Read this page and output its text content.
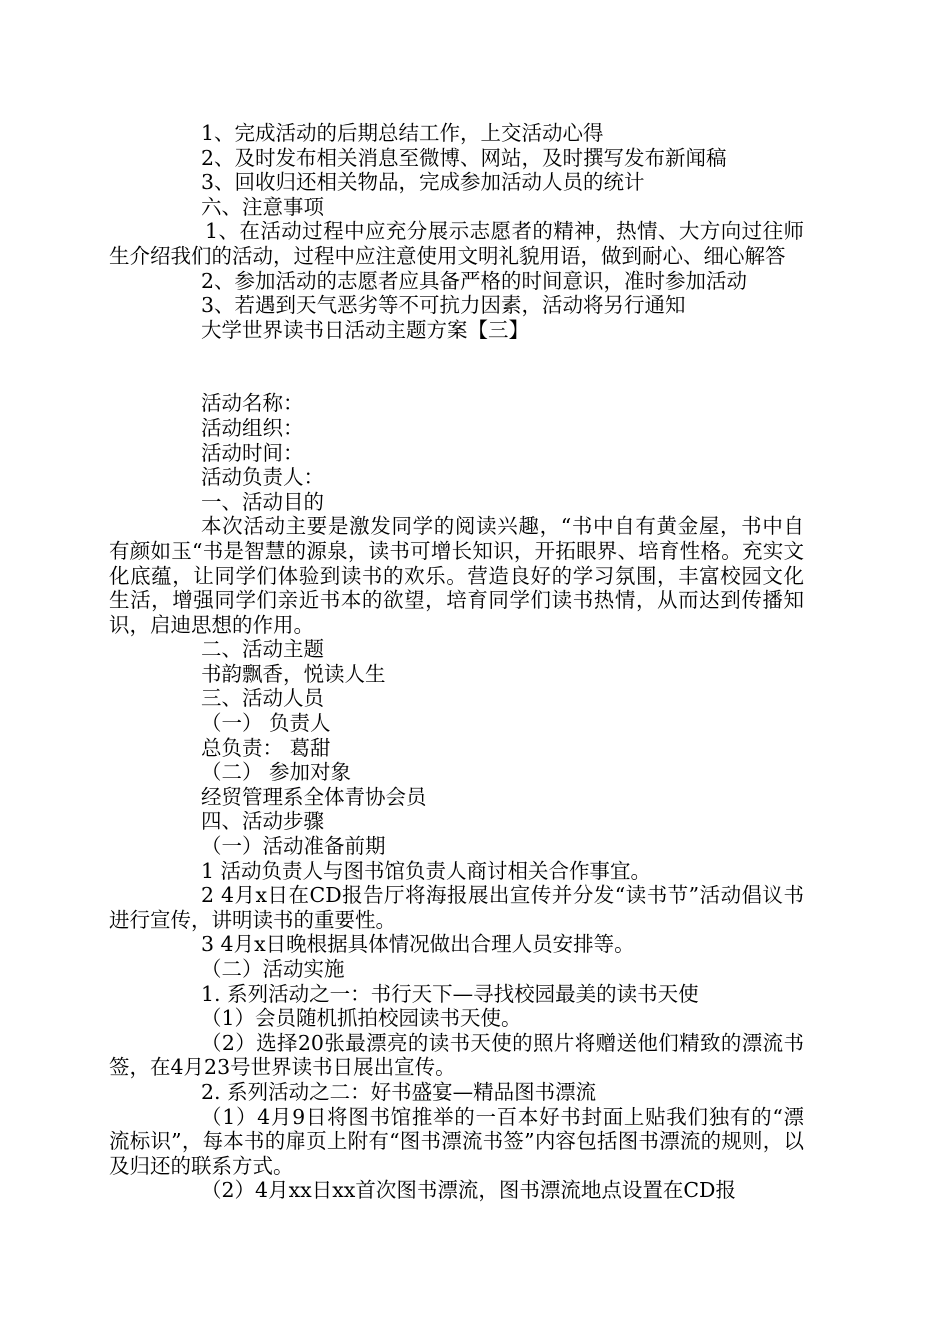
1、完成活动的后期总结工作，上交活动心得

2、及时发布相关消息至微博、网站，及时撰写发布新闻稿

3、回收归还相关物品，完成参加活动人员的统计

六、注意事项

1、在活动过程中应充分展示志愿者的精神，热情、大方向过往师生介绍我们的活动，过程中应注意使用文明礼貌用语，做到耐心、细心解答

2、参加活动的志愿者应具备严格的时间意识，准时参加活动

3、若遇到天气恶劣等不可抗力因素，活动将另行通知

大学世界读书日活动主题方案【三】

活动名称：

活动组织：

活动时间：

活动负责人：

一、活动目的

本次活动主要是激发同学的阅读兴趣，“书中自有黄金屋，书中自有颜如玉“书是智慧的源泉，读书可增长知识，开拓眼界、培育性格。充实文化底蕴，让同学们体验到读书的欢乐。营造良好的学习氛围，丰富校园文化生活，增强同学们亲近书本的欲望，培育同学们读书热情，从而达到传播知识，启迪思想的作用。

二、活动主题

书韵飘香，悦读人生

三、活动人员

（一） 负责人

总负责： 葛甜

（二） 参加对象

经贸管理系全体青协会员

四、活动步骤

（一）活动准备前期

1 活动负责人与图书馆负责人商讨相关合作事宜。

2 4月x日在CD报告厅将海报展出宣传并分发“读书节”活动倡议书进行宣传，讲明读书的重要性。

3 4月x日晚根据具体情况做出合理人员安排等。

（二）活动实施

1. 系列活动之一：书行天下—寻找校园最美的读书天使

（1）会员随机抓拍校园读书天使。

（2）选择20张最漂亮的读书天使的照片将赠送他们精致的漂流书签，在4月23号世界读书日展出宣传。

2. 系列活动之二：好书盛宴—精品图书漂流

（1）4月9日将图书馆推举的一百本好书封面上贴我们独有的“漂流标识”，每本书的扉页上附有“图书漂流书签”内容包括图书漂流的规则，以及归还的联系方式。

（2）4月xx日xx首次图书漂流，图书漂流地点设置在CD报
